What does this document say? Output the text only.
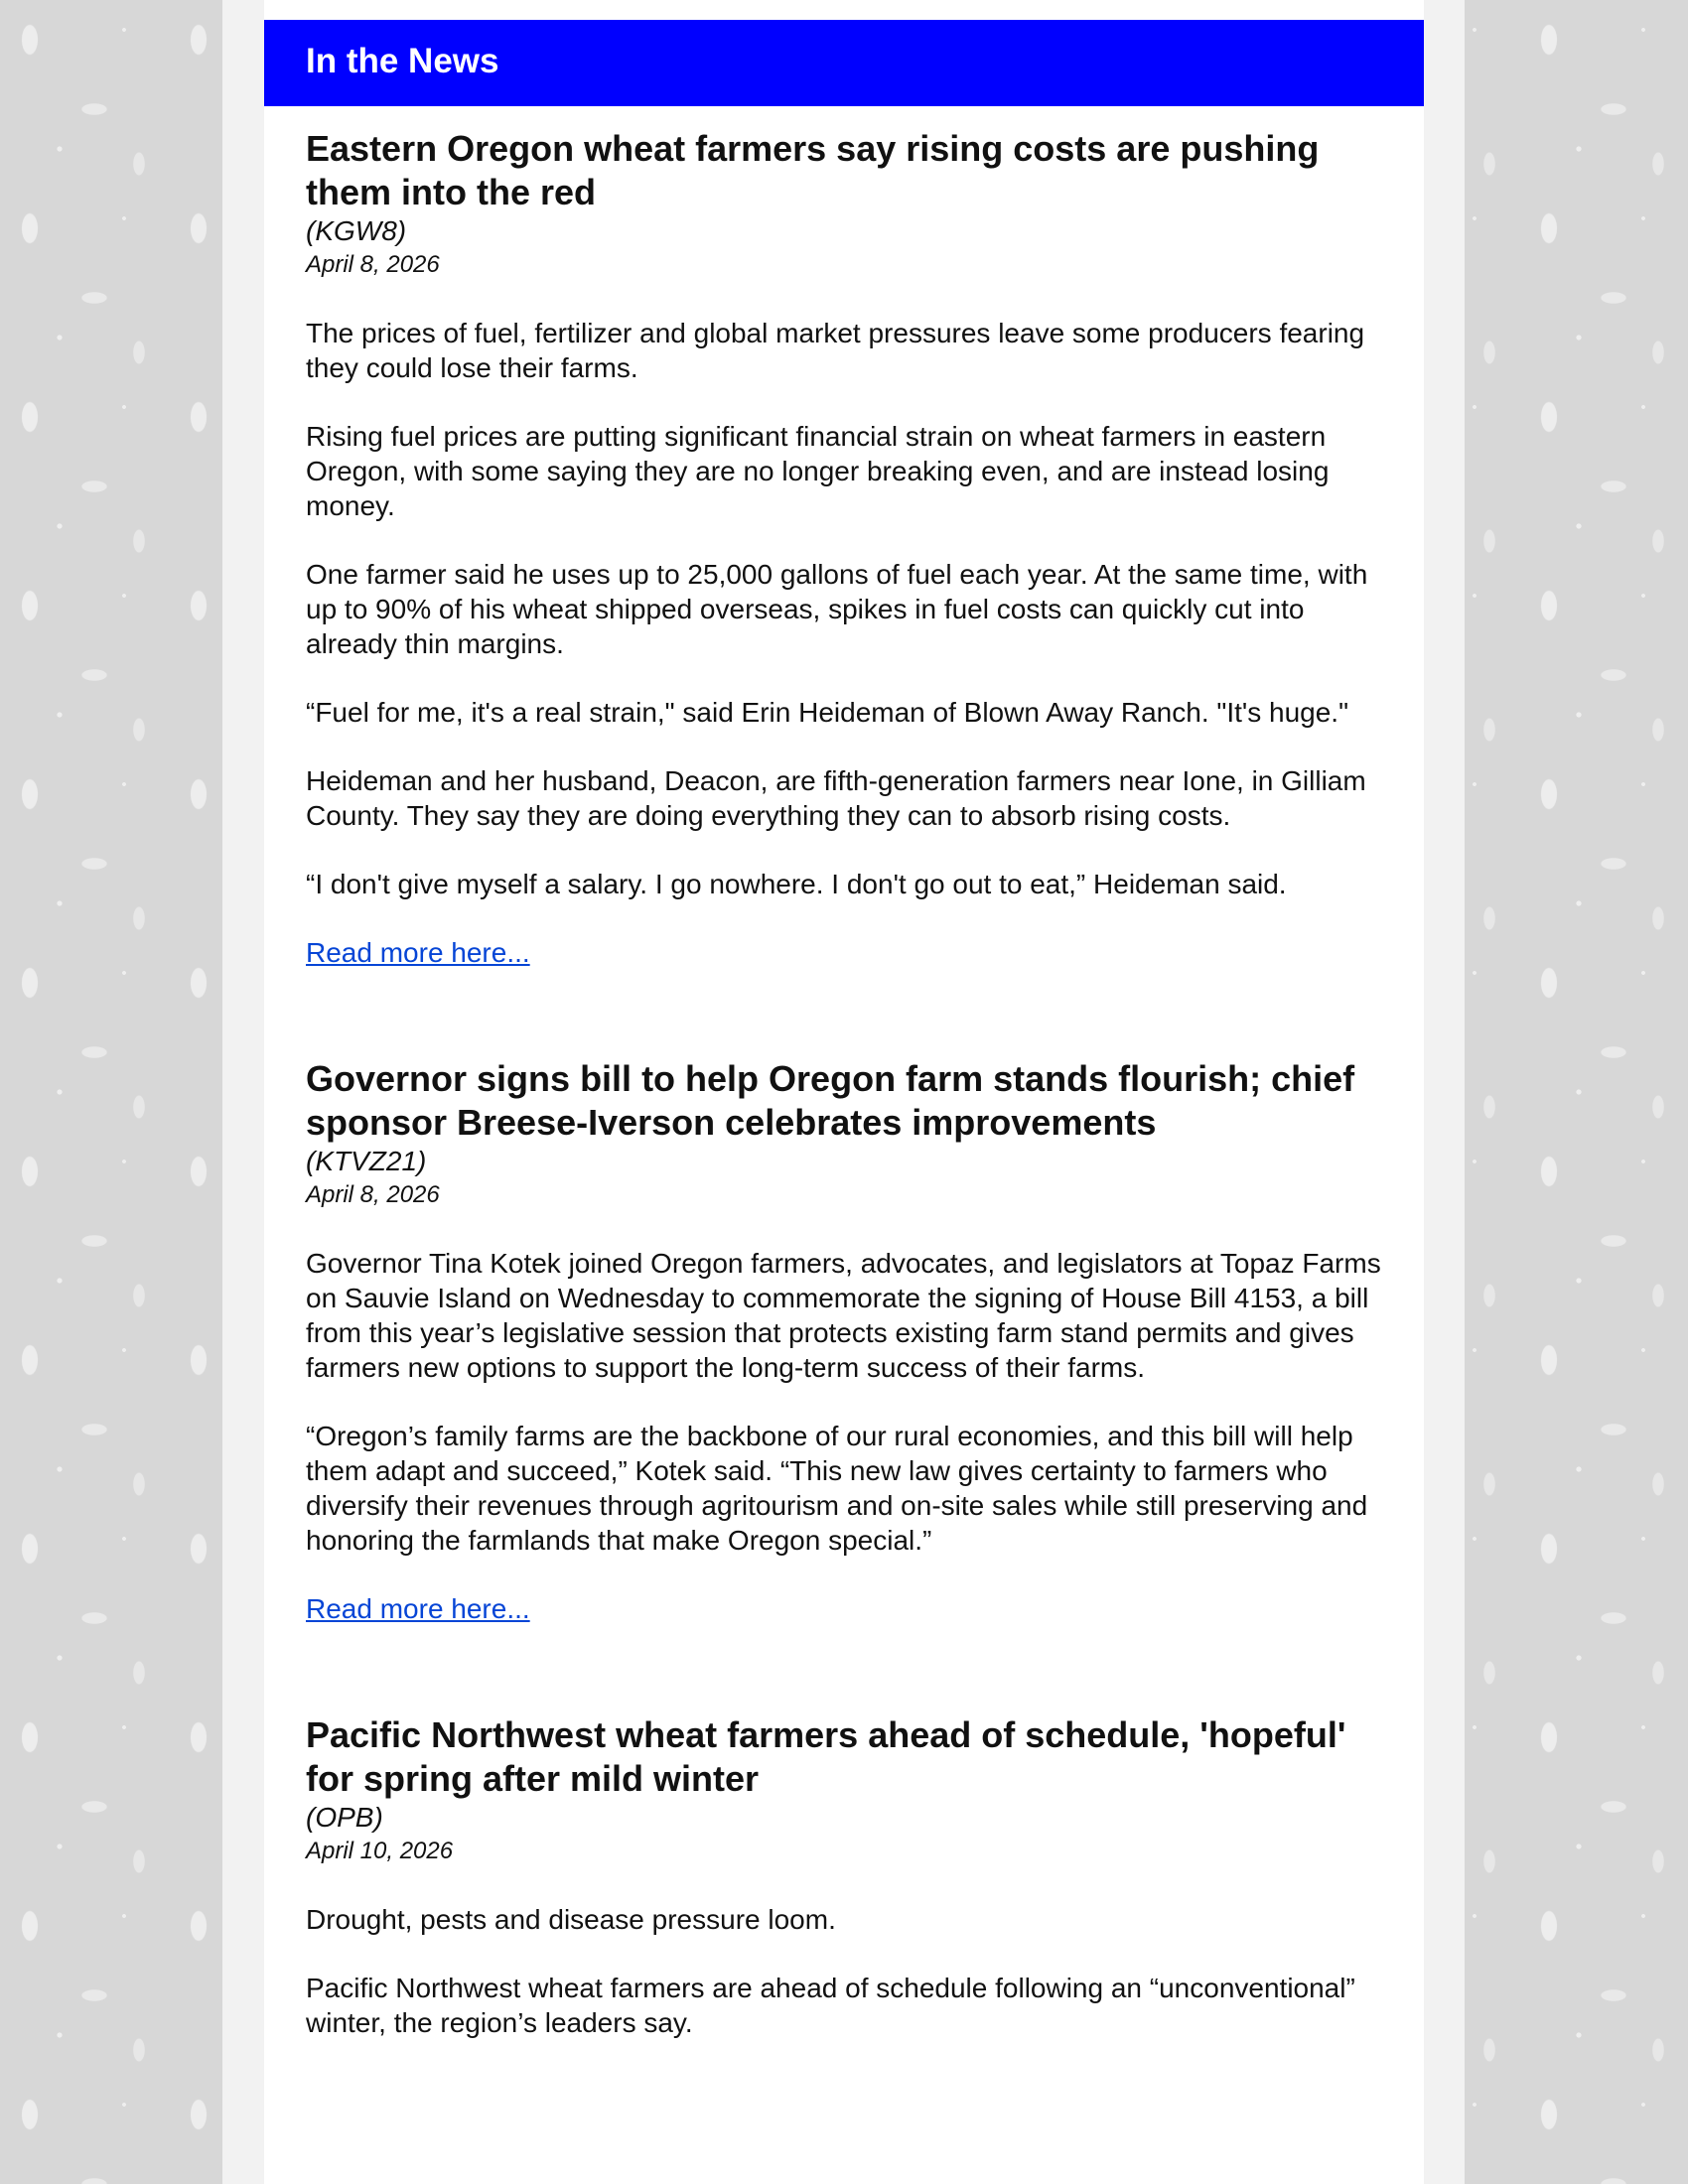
In the News
Eastern Oregon wheat farmers say rising costs are pushing them into the red
(KGW8)
April 8, 2026

The prices of fuel, fertilizer and global market pressures leave some producers fearing they could lose their farms.

Rising fuel prices are putting significant financial strain on wheat farmers in eastern Oregon, with some saying they are no longer breaking even, and are instead losing money.

One farmer said he uses up to 25,000 gallons of fuel each year. At the same time, with up to 90% of his wheat shipped overseas, spikes in fuel costs can quickly cut into already thin margins.

“Fuel for me, it's a real strain," said Erin Heideman of Blown Away Ranch. "It's huge."

Heideman and her husband, Deacon, are fifth-generation farmers near Ione, in Gilliam County. They say they are doing everything they can to absorb rising costs.

“I don't give myself a salary. I go nowhere. I don't go out to eat,” Heideman said.

Read more here...
Governor signs bill to help Oregon farm stands flourish; chief sponsor Breese-Iverson celebrates improvements
(KTVZ21)
April 8, 2026

Governor Tina Kotek joined Oregon farmers, advocates, and legislators at Topaz Farms on Sauvie Island on Wednesday to commemorate the signing of House Bill 4153, a bill from this year’s legislative session that protects existing farm stand permits and gives farmers new options to support the long-term success of their farms.

“Oregon’s family farms are the backbone of our rural economies, and this bill will help them adapt and succeed,” Kotek said. “This new law gives certainty to farmers who diversify their revenues through agritourism and on-site sales while still preserving and honoring the farmlands that make Oregon special.”

Read more here...
Pacific Northwest wheat farmers ahead of schedule, 'hopeful' for spring after mild winter
(OPB)
April 10, 2026

Drought, pests and disease pressure loom.

Pacific Northwest wheat farmers are ahead of schedule following an “unconventional” winter, the region’s leaders say.
